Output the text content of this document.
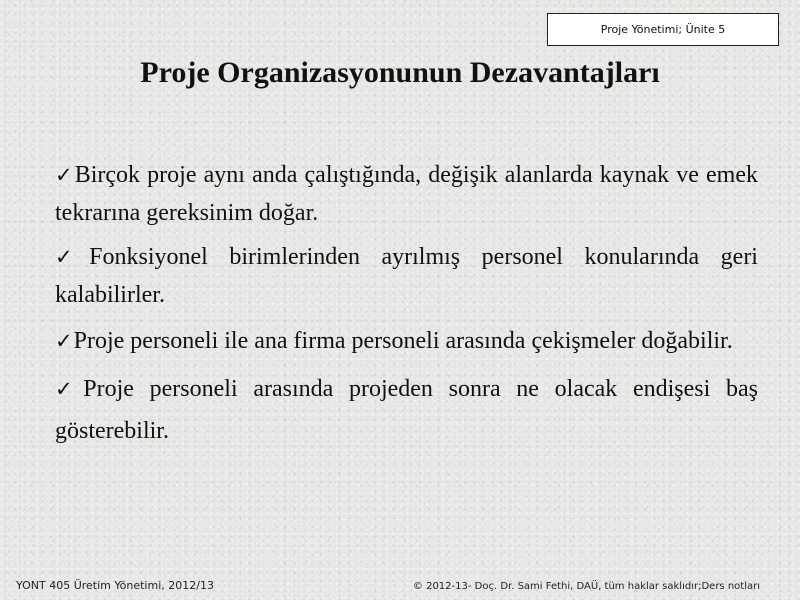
Proje Yönetimi; Ünite 5
Proje Organizasyonunun Dezavantajları
✓Birçok proje aynı anda çalıştığında, değişik alanlarda kaynak ve emek tekrarına gereksinim doğar.
✓Fonksiyonel birimlerinden ayrılmış personel konularında geri kalabilirler.
✓Proje personeli ile ana firma personeli arasında çekişmeler doğabilir.
✓Proje personeli arasında projeden sonra ne olacak endişesi baş gösterebilir.
YONT 405 Üretim Yönetimi, 2012/13	© 2012-13- Doç. Dr. Sami Fethi, DAÜ, tüm haklar saklıdır;Ders notları
